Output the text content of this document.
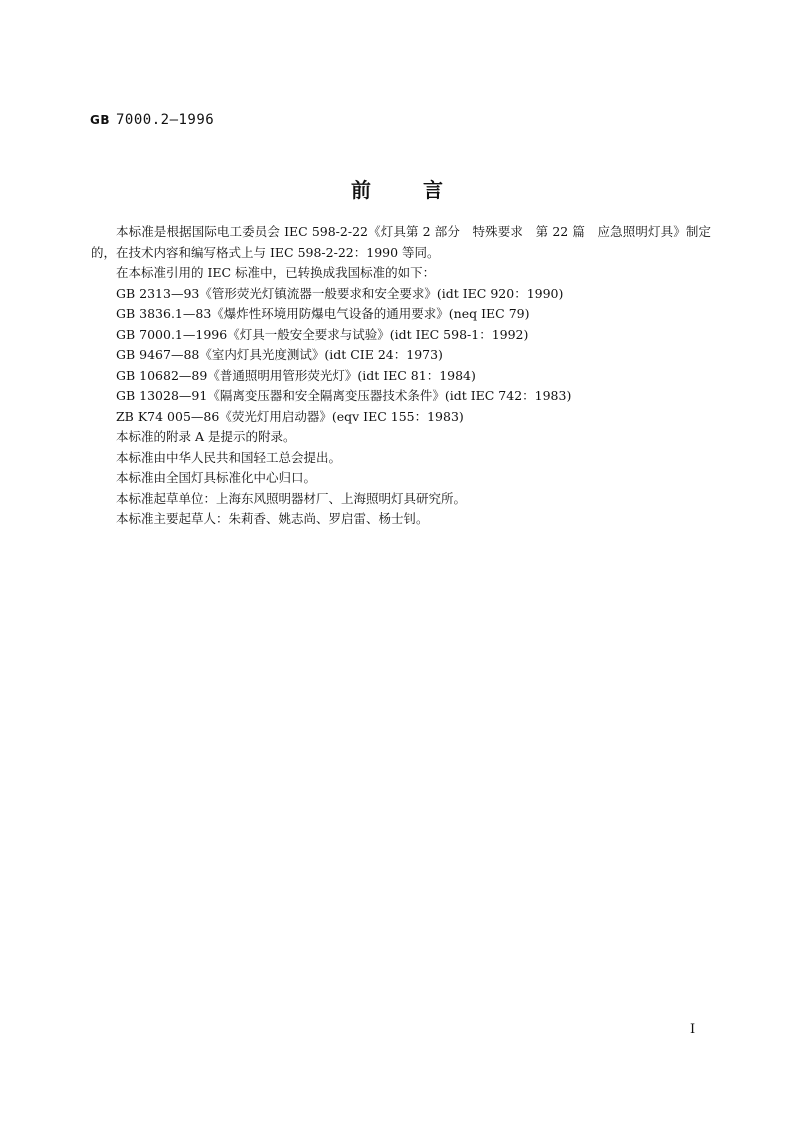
GB 7000.2—1996
前言

本标准是根据国际电工委员会 IEC 598-2-22《灯具第 2 部分　特殊要求　第 22 篇　应急照明灯具》制定的，在技术内容和编写格式上与 IEC 598-2-22：1990 等同。

在本标准引用的 IEC 标准中，已转换成我国标准的如下：

GB 2313—93《管形荧光灯镇流器一般要求和安全要求》(idt IEC 920：1990)

GB 3836.1—83《爆炸性环境用防爆电气设备的通用要求》(neq IEC 79)

GB 7000.1—1996《灯具一般安全要求与试验》(idt IEC 598-1：1992)

GB 9467—88《室内灯具光度测试》(idt CIE 24：1973)

GB 10682—89《普通照明用管形荧光灯》(idt IEC 81：1984)

GB 13028—91《隔离变压器和安全隔离变压器技术条件》(idt IEC 742：1983)

ZB K74 005—86《荧光灯用启动器》(eqv IEC 155：1983)

本标准的附录 A 是提示的附录。

本标准由中华人民共和国轻工总会提出。

本标准由全国灯具标准化中心归口。

本标准起草单位：上海东风照明器材厂、上海照明灯具研究所。

本标准主要起草人：朱莉香、姚志尚、罗启雷、杨士钊。

I
